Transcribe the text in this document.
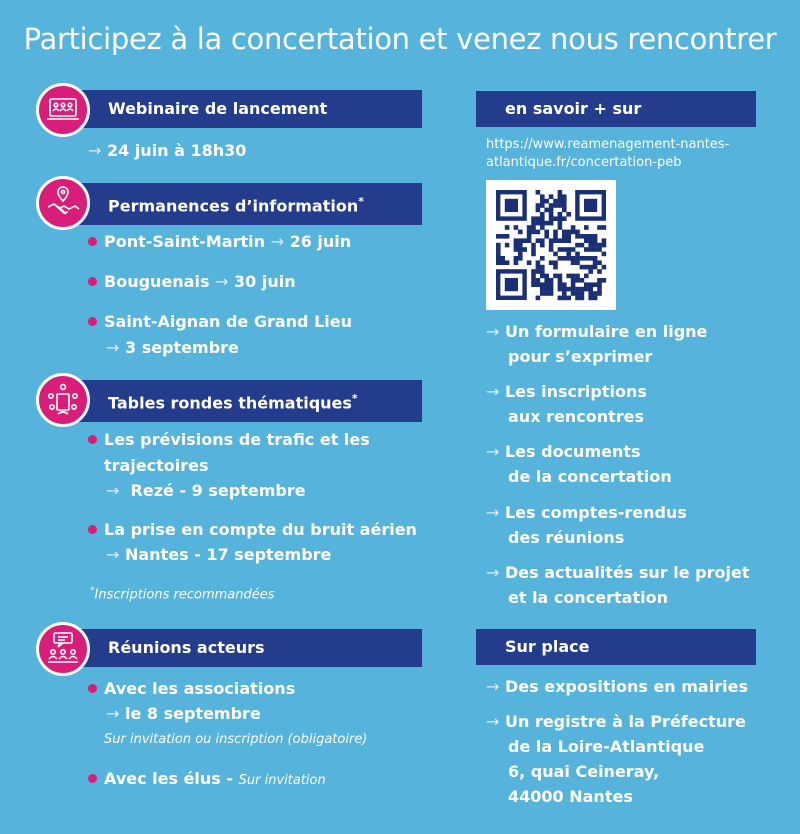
Participez à la concertation et venez nous rencontrer
Webinaire de lancement
→ 24 juin à 18h30
Permanences d’information*
Pont-Saint-Martin → 26 juin
Bouguenais → 30 juin
Saint-Aignan de Grand Lieu
→ 3 septembre
Tables rondes thématiques*
Les prévisions de trafic et les
trajectoires
→ Rezé - 9 septembre
La prise en compte du bruit aérien
→ Nantes - 17 septembre
*Inscriptions recommandées
Réunions acteurs
Avec les associations
→ le 8 septembre
Sur invitation ou inscription (obligatoire)
Avec les élus - Sur invitation
en savoir + sur
https://www.reamenagement-nantes-
atlantique.fr/concertation-peb
→ Un formulaire en ligne
pour s’exprimer
→ Les inscriptions
aux rencontres
→ Les documents
de la concertation
→ Les comptes-rendus
des réunions
→ Des actualités sur le projet
et la concertation
Sur place
→ Des expositions en mairies
→ Un registre à la Préfecture
de la Loire-Atlantique
6, quai Ceineray,
44000 Nantes
